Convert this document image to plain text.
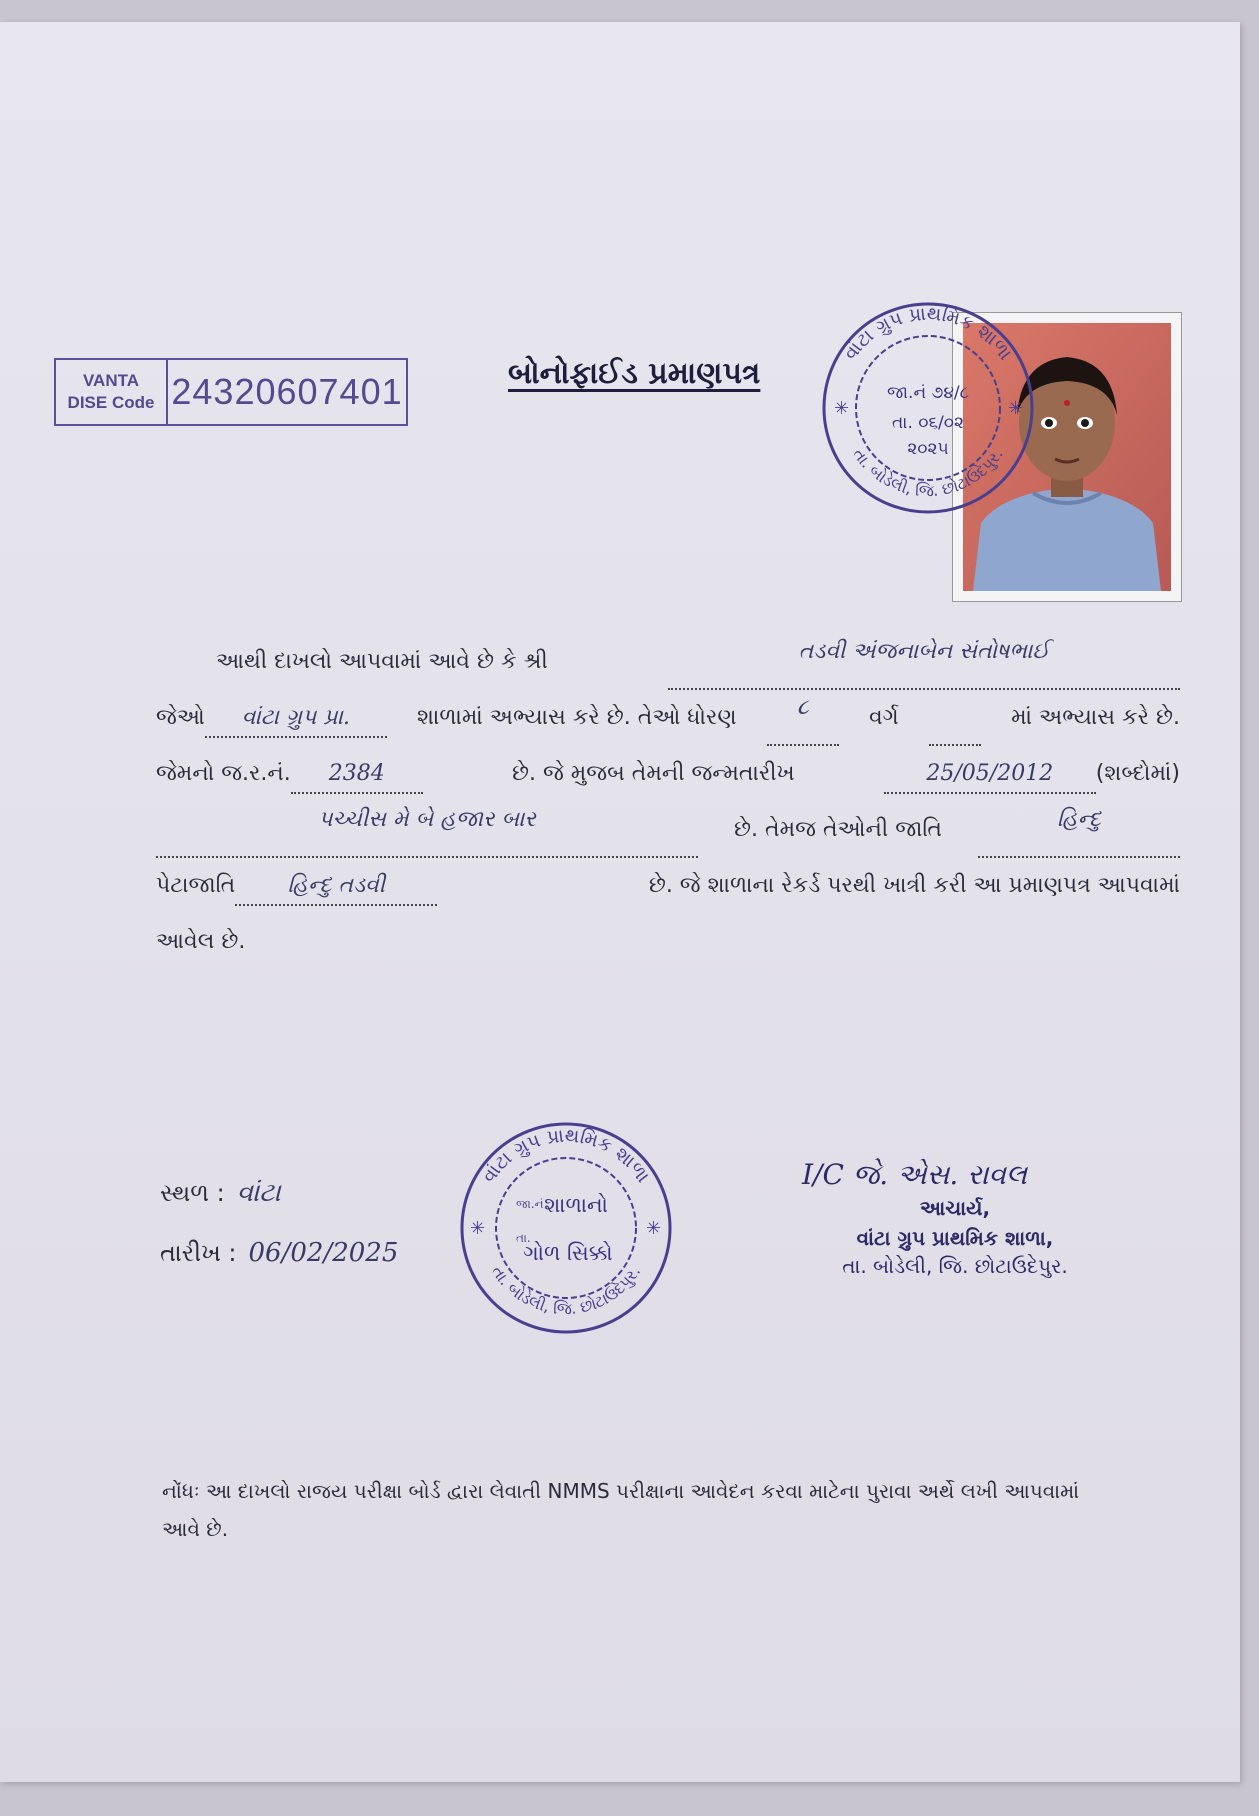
VANTA
DISE Code 24320607401	બોનોફાઈડ પ્રમાણપત્ર
વાંટા ગ્રુપ પ્રાથમિક શાળા
તા. બોડેલી, જિ. છોટાઉદેપુર.
✳	✳
જા.નં ૭૪/૮
તા. ૦૬/૦૨
૨૦૨૫
આથી દાખલો આપવામાં આવે છે કે શ્રી	તડવી અંજનાબેન સંતોષભાઈ
જેઓ વાંટા ગ્રુપ પ્રા.	શાળામાં અભ્યાસ કરે છે. તેઓ ધોરણ	૮	વર્ગ	માં અભ્યાસ કરે છે.
જેમનો જ.ર.નં. 2384	છે. જે મુજબ તેમની જન્મતારીખ	25/05/2012 (શબ્દોમાં)
પચ્ચીસ મે બે હજાર બાર	છે. તેમજ તેઓની જાતિ	હિન્દુ
પેટાજાતિ હિન્દુ તડવી	છે. જે શાળાના રેકર્ડ પરથી ખાત્રી કરી આ પ્રમાણપત્ર આપવામાં
આવેલ છે.
સ્થળ : વાંટા
તારીખ : 06/02/2025
વાંટા ગ્રુપ પ્રાથમિક શાળા
તા. બોડેલી, જિ. છોટાઉદેપુર.
✳	✳
જા.નં શાળાનો
તા.
ગોળ સિક્કો
I/C જે. એસ. રાવલ
આચાર્ય,
વાંટા ગ્રુપ પ્રાથમિક શાળા,
તા. બોડેલી, જિ. છોટાઉદેપુર.
નોંધઃ આ દાખલો રાજય પરીક્ષા બોર્ડ દ્વારા લેવાતી NMMS પરીક્ષાના આવેદન કરવા માટેના પુરાવા અર્થે લખી આપવામાં આવે છે.
